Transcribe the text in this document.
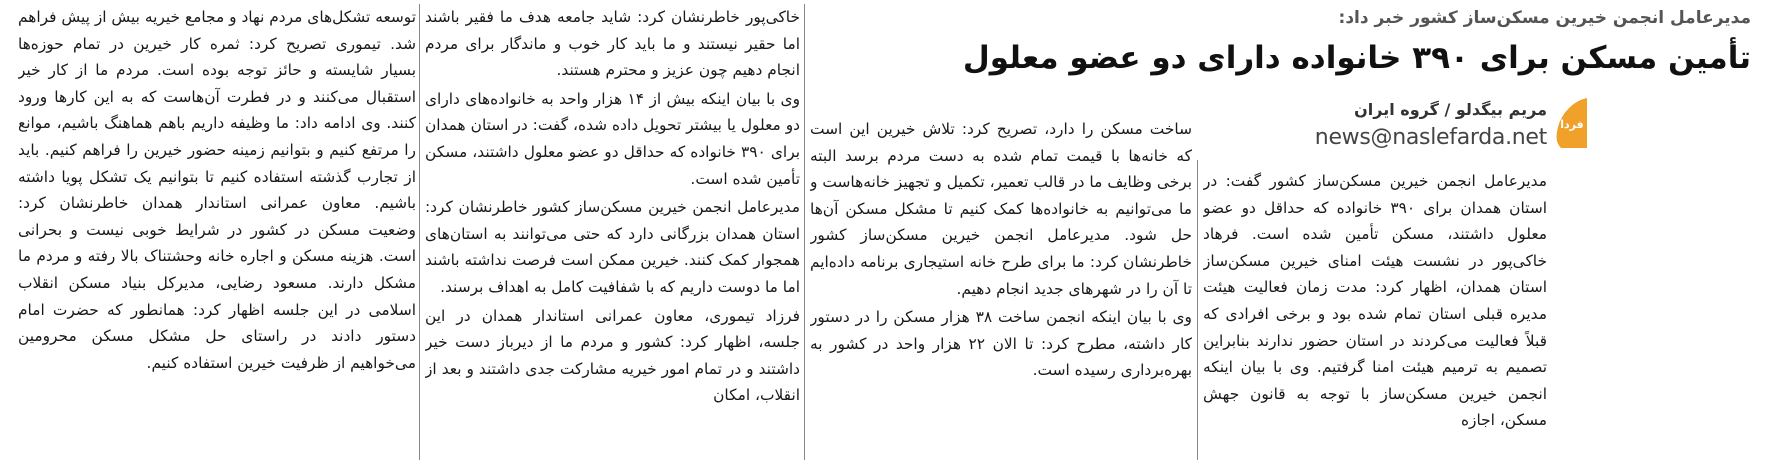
مدیرعامل انجمن خیرین مسکن‌ساز کشور خبر داد:
تأمین مسکن برای ۳۹۰ خانواده دارای دو عضو معلول
فردا
مریم بیگدلو / گروه ایران
news@naslefarda.net

مدیرعامل انجمن خیرین مسکن‌ساز کشور گفت: در استان همدان برای ۳۹۰ خانواده که حداقل دو عضو معلول داشتند، مسکن تأمین شده است. فرهاد خاکی‌پور در نشست هیئت امنای خیرین مسکن‌ساز استان همدان، اظهار کرد: مدت زمان فعالیت هیئت مدیره قبلی استان تمام شده بود و برخی افرادی که قبلاً فعالیت می‌کردند در استان حضور ندارند بنابراین تصمیم به ترمیم هیئت امنا گرفتیم. وی با بیان اینکه انجمن خیرین مسکن‌ساز با توجه به قانون جهش مسکن، اجازه

ساخت مسکن را دارد، تصریح کرد: تلاش خیرین این است که خانه‌ها با قیمت تمام شده به دست مردم برسد البته برخی وظایف ما در قالب تعمیر، تکمیل و تجهیز خانه‌هاست و ما می‌توانیم به خانواده‌ها کمک کنیم تا مشکل مسکن آن‌ها حل شود. مدیرعامل انجمن خیرین مسکن‌ساز کشور خاطرنشان کرد: ما برای طرح خانه استیجاری برنامه داده‌ایم تا آن را در شهرهای جدید انجام دهیم.

وی با بیان اینکه انجمن ساخت ۳۸ هزار مسکن را در دستور کار داشته، مطرح کرد: تا الان ۲۲ هزار واحد در کشور به بهره‌برداری رسیده است.

خاکی‌پور خاطرنشان کرد: شاید جامعه هدف ما فقیر باشند اما حقیر نیستند و ما باید کار خوب و ماندگار برای مردم انجام دهیم چون عزیز و محترم هستند.

وی با بیان اینکه بیش از ۱۴ هزار واحد به خانواده‌های دارای دو معلول یا بیشتر تحویل داده شده، گفت: در استان همدان برای ۳۹۰ خانواده که حداقل دو عضو معلول داشتند، مسکن تأمین شده است.

مدیرعامل انجمن خیرین مسکن‌ساز کشور خاطرنشان کرد: استان همدان بزرگانی دارد که حتی می‌توانند به استان‌های همجوار کمک کنند. خیرین ممکن است فرصت نداشته باشند اما ما دوست داریم که با شفافیت کامل به اهداف برسند.

فرزاد تیموری، معاون عمرانی استاندار همدان در این جلسه، اظهار کرد: کشور و مردم ما از دیرباز دست خیر داشتند و در تمام امور خیریه مشارکت جدی داشتند و بعد از انقلاب، امکان

توسعه تشکل‌های مردم نهاد و مجامع خیریه بیش از پیش فراهم شد. تیموری تصریح کرد: ثمره کار خیرین در تمام حوزه‌ها بسیار شایسته و حائز توجه بوده است. مردم ما از کار خیر استقبال می‌کنند و در فطرت آن‌هاست که به این کارها ورود کنند. وی ادامه داد: ما وظیفه داریم باهم هماهنگ باشیم، موانع را مرتفع کنیم و بتوانیم زمینه حضور خیرین را فراهم کنیم. باید از تجارب گذشته استفاده کنیم تا بتوانیم یک تشکل پویا داشته باشیم. معاون عمرانی استاندار همدان خاطرنشان کرد: وضعیت مسکن در کشور در شرایط خوبی نیست و بحرانی است. هزینه مسکن و اجاره خانه وحشتناک بالا رفته و مردم ما مشکل دارند. مسعود رضایی، مدیرکل بنیاد مسکن انقلاب اسلامی در این جلسه اظهار کرد: همانطور که حضرت امام دستور دادند در راستای حل مشکل مسکن محرومین می‌خواهیم از ظرفیت خیرین استفاده کنیم.
